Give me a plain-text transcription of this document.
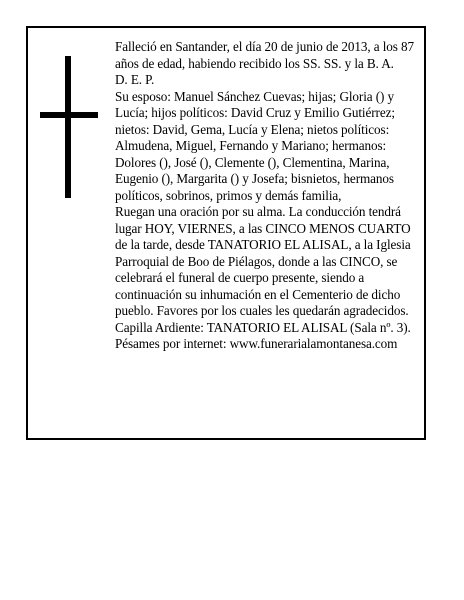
Falleció en Santander, el día 20 de junio de 2013, a los 87 años de edad, habiendo recibido los SS. SS. y la B. A.

D. E. P.

Su esposo: Manuel Sánchez Cuevas; hijas; Gloria () y Lucía; hijos políticos: David Cruz y Emilio Gutiérrez; nietos: David, Gema, Lucía y Elena; nietos políticos: Almudena, Miguel, Fernando y Mariano; hermanos: Dolores (), José (), Clemente (), Clementina, Marina, Eugenio (), Margarita () y Josefa; bisnietos, hermanos políticos, sobrinos, primos y demás familia,

Ruegan una oración por su alma. La conducción tendrá lugar HOY, VIERNES, a las CINCO MENOS CUARTO de la tarde, desde TANATORIO EL ALISAL, a la Iglesia Parroquial de Boo de Piélagos, donde a las CINCO, se celebrará el funeral de cuerpo presente, siendo a continuación su inhumación en el Cementerio de dicho pueblo. Favores por los cuales les quedarán agradecidos. Capilla Ardiente: TANATORIO EL ALISAL (Sala nº. 3).

Pésames por internet: www.funerarialamontanesa.com
